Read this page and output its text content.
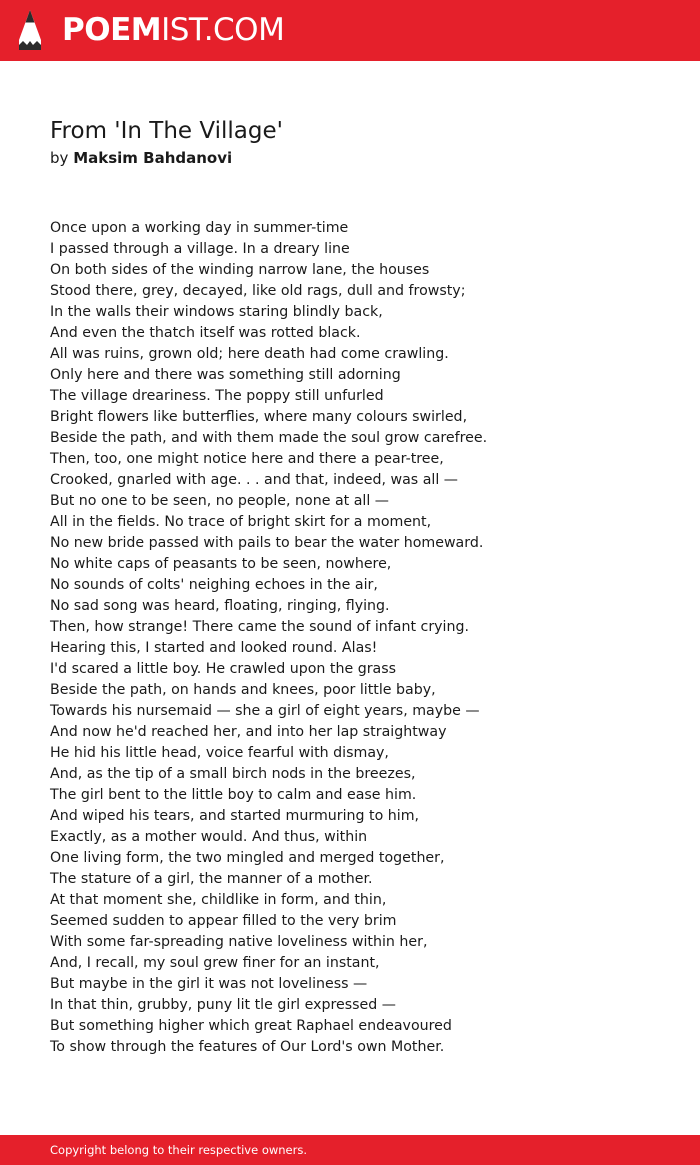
POEMIST.COM
From 'In The Village'
by Maksim Bahdanovi
Once upon a working day in summer-time
I passed through a village. In a dreary line
On both sides of the winding narrow lane, the houses
Stood there, grey, decayed, like old rags, dull and frowsty;
In the walls their windows staring blindly back,
And even the thatch itself was rotted black.
All was ruins, grown old; here death had come crawling.
Only here and there was something still adorning
The village dreariness. The poppy still unfurled
Bright flowers like butterflies, where many colours swirled,
Beside the path, and with them made the soul grow carefree.
Then, too, one might notice here and there a pear-tree,
Crooked, gnarled with age. . . and that, indeed, was all —
But no one to be seen, no people, none at all —
All in the fields. No trace of bright skirt for a moment,
No new bride passed with pails to bear the water homeward.
No white caps of peasants to be seen, nowhere,
No sounds of colts' neighing echoes in the air,
No sad song was heard, floating, ringing, flying.
Then, how strange! There came the sound of infant crying.
Hearing this, I started and looked round. Alas!
I'd scared a little boy. He crawled upon the grass
Beside the path, on hands and knees, poor little baby,
Towards his nursemaid — she a girl of eight years, maybe —
And now he'd reached her, and into her lap straightway
He hid his little head, voice fearful with dismay,
And, as the tip of a small birch nods in the breezes,
The girl bent to the little boy to calm and ease him.
And wiped his tears, and started murmuring to him,
Exactly, as a mother would. And thus, within
One living form, the two mingled and merged together,
The stature of a girl, the manner of a mother.
At that moment she, childlike in form, and thin,
Seemed sudden to appear filled to the very brim
With some far-spreading native loveliness within her,
And, I recall, my soul grew finer for an instant,
But maybe in the girl it was not loveliness —
In that thin, grubby, puny lit tle girl expressed —
But something higher which great Raphael endeavoured
To show through the features of Our Lord's own Mother.
Copyright belong to their respective owners.
